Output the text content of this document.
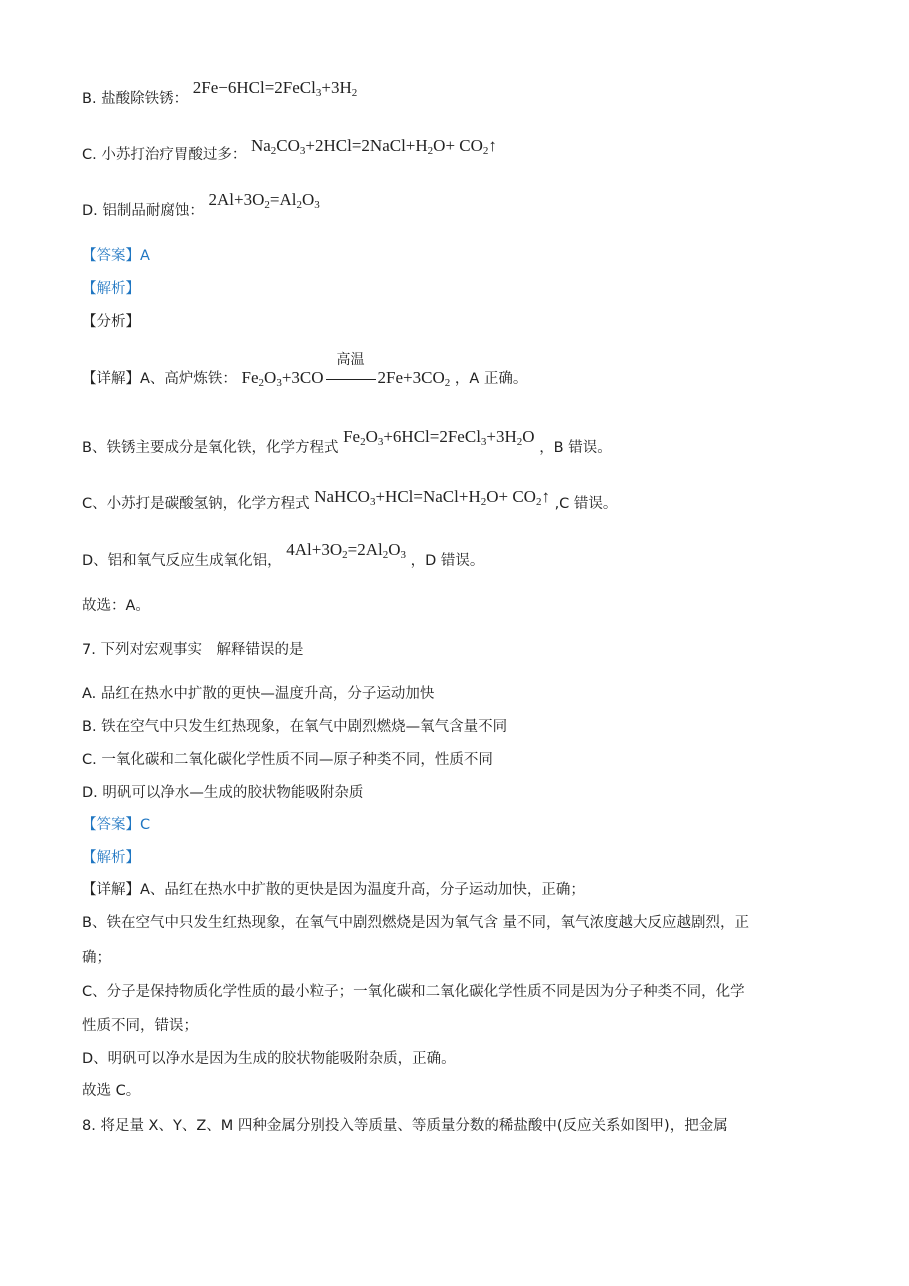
B. 盐酸除铁锈： $2Fe-6HCl=2FeCl_3+3H_2$
C. 小苏打治疗胃酸过多： $Na_2CO_3+2HCl=2NaCl+H_2O+$ $CO_2↑$
D. 铝制品耐腐蚀： $2Al+3O_2=Al_2O_3$
【答案】A
【解析】
【分析】
【详解】A、高炉炼铁： $Fe_2O_3+3CO$
高温
$2Fe+3CO_2$ ，A 正确。
B、铁锈主要成分是氧化铁，化学方程式 $Fe_2O_3+6HCl=2FeCl_3+3H_2O$ ，B 错误。
C、小苏打是碳酸氢钠，化学方程式 $NaHCO_3+HCl=NaCl+H_2O+$ $CO_2↑$ ,C 错误。
D、铝和氧气反应生成氧化铝， $4Al+3O_2=2Al_2O_3$ ，D 错误。
故选：A。
7. 下列对宏观事实　解释错误的是
A. 品红在热水中扩散的更快—温度升高，分子运动加快
B. 铁在空气中只发生红热现象，在氧气中剧烈燃烧—氧气含量不同
C. 一氧化碳和二氧化碳化学性质不同—原子种类不同，性质不同
D. 明矾可以净水—生成的胶状物能吸附杂质
【答案】C
【解析】
【详解】A、品红在热水中扩散的更快是因为温度升高，分子运动加快，正确；
B、铁在空气中只发生红热现象，在氧气中剧烈燃烧是因为氧气含 量不同，氧气浓度越大反应越剧烈，正
确；
C、分子是保持物质化学性质的最小粒子；一氧化碳和二氧化碳化学性质不同是因为分子种类不同，化学
性质不同，错误；
D、明矾可以净水是因为生成的胶状物能吸附杂质，正确。
故选 C。
8. 将足量 X、Y、Z、M 四种金属分别投入等质量、等质量分数的稀盐酸中(反应关系如图甲)，把金属
